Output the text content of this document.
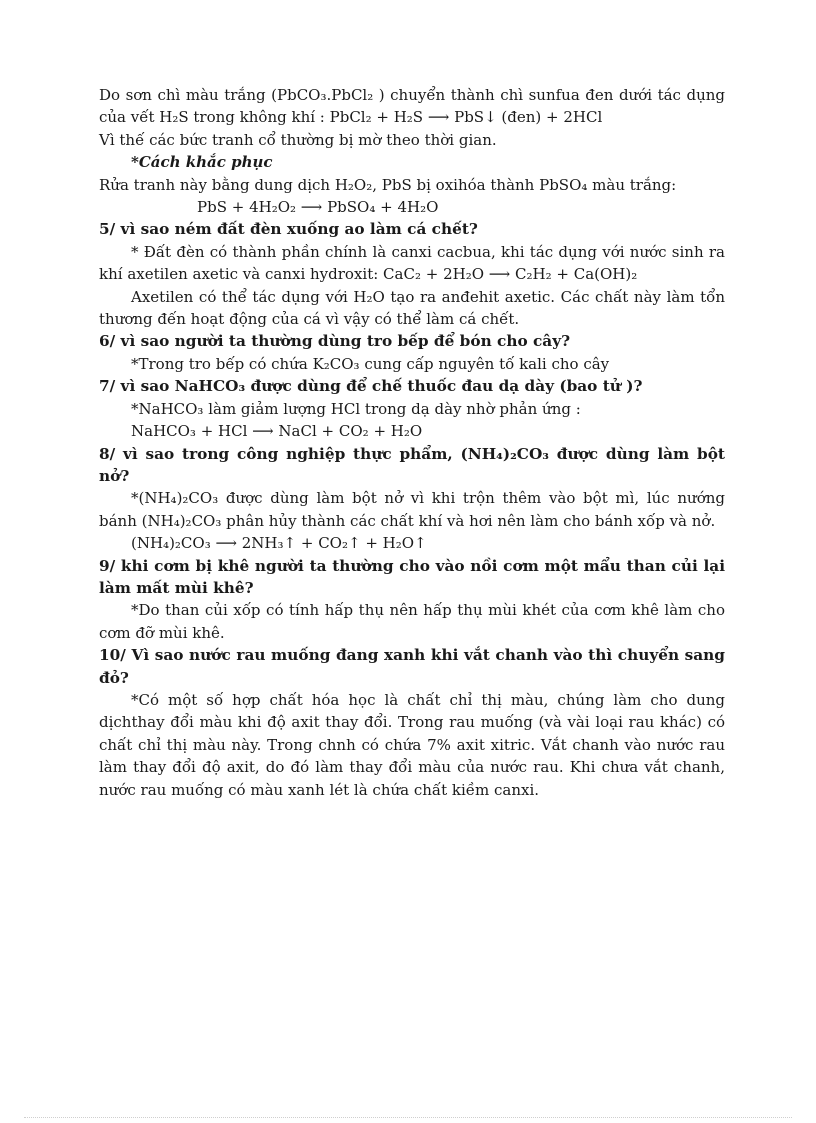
Do sơn chì màu trắng (PbCO₃.PbCl₂ ) chuyển thành chì sunfua đen dưới tác dụng của vết H₂S trong không khí : PbCl₂ + H₂S ⟶ PbS↓ (đen) + 2HCl

Vì thế các bức tranh cổ thường bị mờ theo thời gian.

*Cách khắc phục

Rửa tranh này bằng dung dịch H₂O₂, PbS bị oxihóa thành PbSO₄ màu trắng:

PbS + 4H₂O₂ ⟶ PbSO₄ + 4H₂O

5/ vì sao ném đất đèn xuống ao làm cá chết?

* Đất đèn có thành phần chính là canxi cacbua, khi tác dụng với nước sinh ra khí axetilen axetic và canxi hydroxit: CaC₂ + 2H₂O ⟶ C₂H₂ + Ca(OH)₂

Axetilen có thể tác dụng với H₂O tạo ra anđehit axetic. Các chất này làm tổn thương đến hoạt động của cá vì vậy có thể làm cá chết.

6/ vì sao người ta thường dùng tro bếp để bón cho cây?

*Trong tro bếp có chứa K₂CO₃ cung cấp nguyên tố kali cho cây

7/ vì sao NaHCO₃ được dùng để chế thuốc đau dạ dày (bao tử )?

*NaHCO₃ làm giảm lượng HCl trong dạ dày nhờ phản ứng :

NaHCO₃ + HCl ⟶ NaCl + CO₂ + H₂O

8/ vì sao trong công nghiệp thực phẩm, (NH₄)₂CO₃ được dùng làm bột nở?

*(NH₄)₂CO₃ được dùng làm bột nở vì khi trộn thêm vào bột mì, lúc nướng bánh (NH₄)₂CO₃ phân hủy thành các chất khí và hơi nên làm cho bánh xốp và nở.

(NH₄)₂CO₃ ⟶ 2NH₃↑ + CO₂↑ + H₂O↑

9/ khi cơm bị khê người ta thường cho vào nồi cơm một mẩu than củi lại làm mất mùi khê?

*Do than củi xốp có tính hấp thụ nên hấp thụ mùi khét của cơm khê làm cho cơm đỡ mùi khê.

10/ Vì sao nước rau muống đang xanh khi vắt chanh vào thì chuyển sang đỏ?

*Có một số hợp chất hóa học là chất chỉ thị màu, chúng làm cho dung dịchthay đổi màu khi độ axit thay đổi. Trong rau muống (và vài loại rau khác) có chất chỉ thị màu này. Trong chnh có chứa 7% axit xitric. Vắt chanh vào nước rau làm thay đổi độ axit, do đó làm thay đổi màu của nước rau. Khi chưa vắt chanh, nước rau muống có màu xanh lét là chứa chất kiềm canxi.
